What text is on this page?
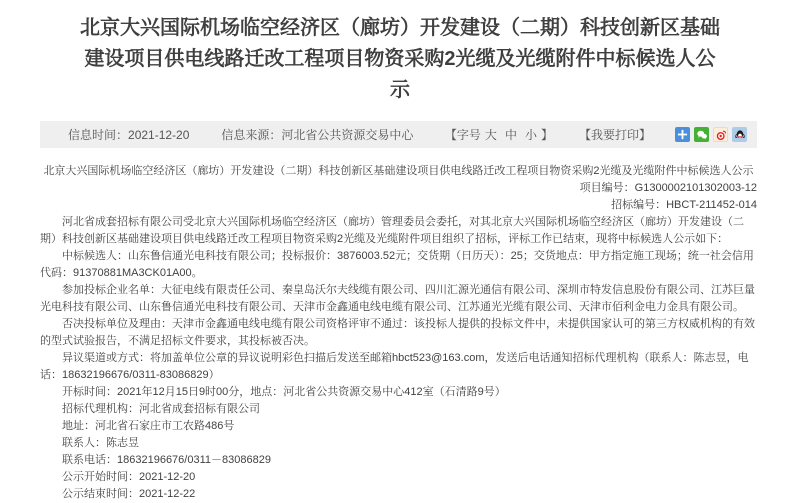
北京大兴国际机场临空经济区（廊坊）开发建设（二期）科技创新区基础建设项目供电线路迁改工程项目物资采购2光缆及光缆附件中标候选人公示
信息时间：2021-12-20	信息来源：河北省公共资源交易中心	【字号 大 中 小 】 【我要打印】

北京大兴国际机场临空经济区（廊坊）开发建设（二期）科技创新区基础建设项目供电线路迁改工程项目物资采购2光缆及光缆附件中标候选人公示

项目编号：G1300002101302003-12

招标编号：HBCT-211452-014

河北省成套招标有限公司受北京大兴国际机场临空经济区（廊坊）管理委员会委托，对其北京大兴国际机场临空经济区（廊坊）开发建设（二期）科技创新区基础建设项目供电线路迁改工程项目物资采购2光缆及光缆附件项目组织了招标，评标工作已结束，现将中标候选人公示如下：

中标候选人：山东鲁信通光电科技有限公司；投标报价：3876003.52元；交货期（日历天）：25；交货地点：甲方指定施工现场；统一社会信用代码：91370881MA3CK01A00。

参加投标企业名单：大征电线有限责任公司、秦皇岛沃尔夫线缆有限公司、四川汇源光通信有限公司、深圳市特发信息股份有限公司、江苏巨量光电科技有限公司、山东鲁信通光电科技有限公司、天津市金鑫通电线电缆有限公司、江苏通光光缆有限公司、天津市佰利金电力金具有限公司。

否决投标单位及理由：天津市金鑫通电线电缆有限公司资格评审不通过：该投标人提供的投标文件中，未提供国家认可的第三方权威机构的有效的型式试验报告，不满足招标文件要求，其投标被否决。

异议渠道或方式：将加盖单位公章的异议说明彩色扫描后发送至邮箱hbct523@163.com，发送后电话通知招标代理机构（联系人：陈志昱，电话：18632196676/0311-83086829）

开标时间：2021年12月15日9时00分，地点：河北省公共资源交易中心412室（石清路9号）

招标代理机构：河北省成套招标有限公司

地址：河北省石家庄市工农路486号

联系人：陈志昱

联系电话：18632196676/0311－83086829

公示开始时间：2021-12-20

公示结束时间：2021-12-22
